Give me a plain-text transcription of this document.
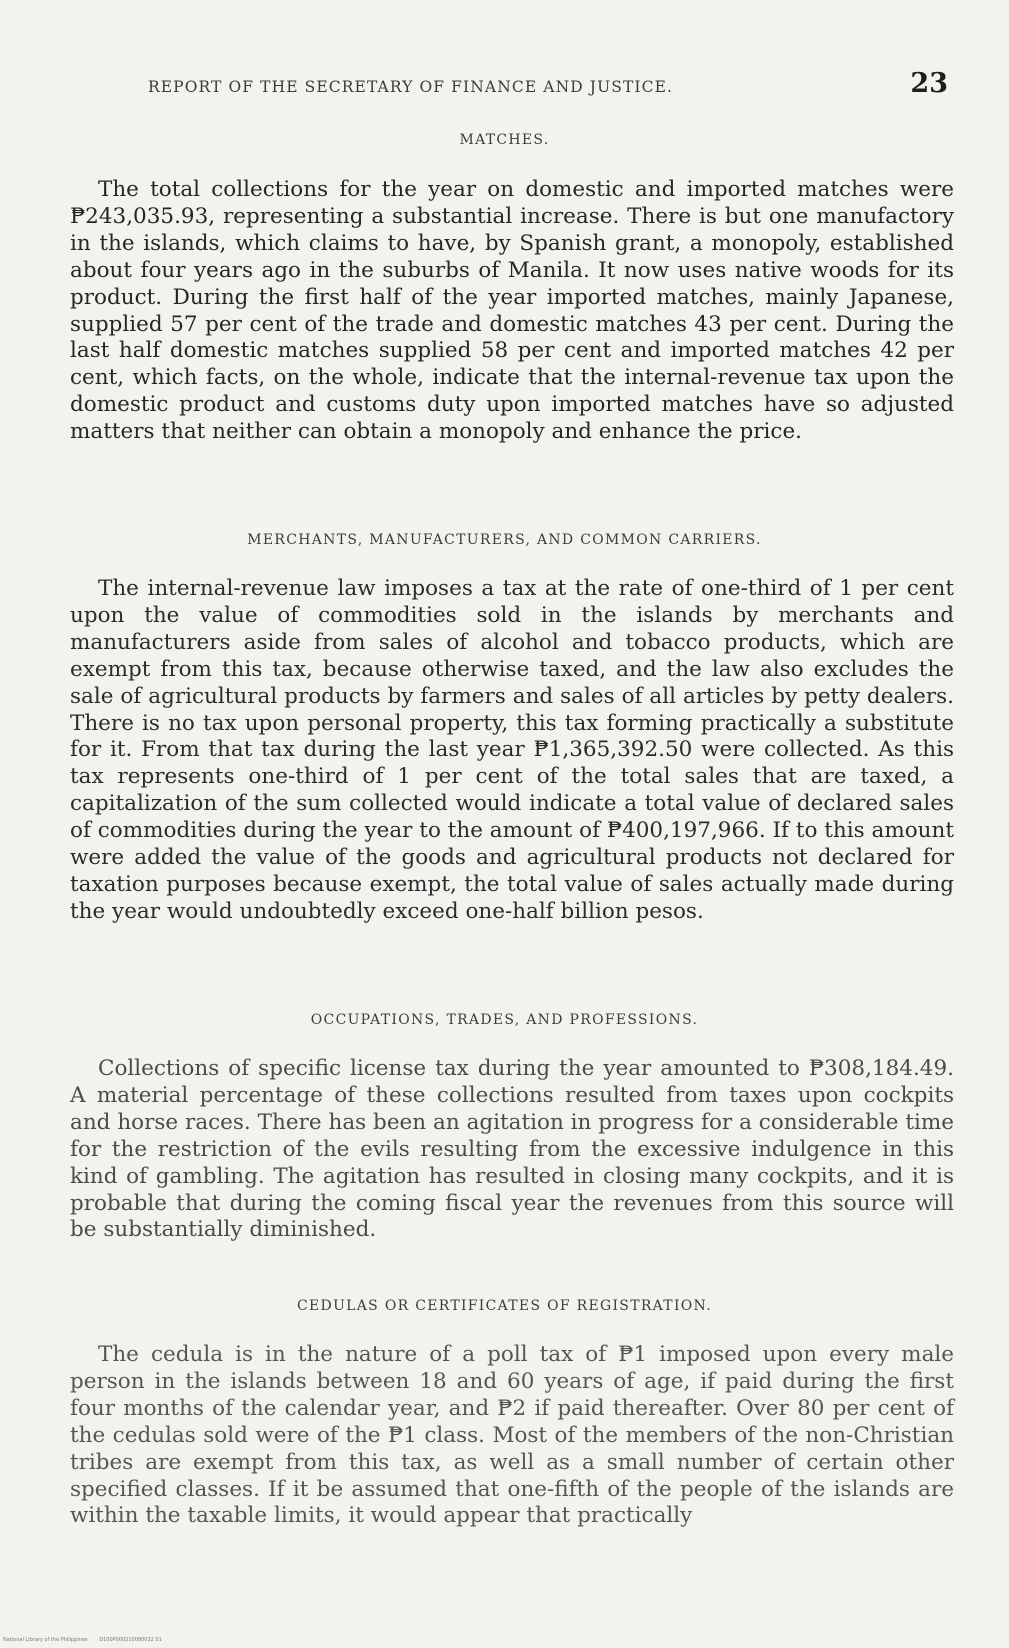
REPORT OF THE SECRETARY OF FINANCE AND JUSTICE.	23
MATCHES.

The total collections for the year on domestic and imported matches were ₱243,035.93, representing a substantial increase. There is but one manufactory in the islands, which claims to have, by Spanish grant, a monopoly, established about four years ago in the suburbs of Manila. It now uses native woods for its product. During the first half of the year imported matches, mainly Japanese, supplied 57 per cent of the trade and domestic matches 43 per cent. During the last half domestic matches supplied 58 per cent and imported matches 42 per cent, which facts, on the whole, indicate that the internal-revenue tax upon the domestic product and customs duty upon imported matches have so adjusted matters that neither can obtain a monopoly and enhance the price.

MERCHANTS, MANUFACTURERS, AND COMMON CARRIERS.

The internal-revenue law imposes a tax at the rate of one-third of 1 per cent upon the value of commodities sold in the islands by merchants and manufacturers aside from sales of alcohol and tobacco products, which are exempt from this tax, because otherwise taxed, and the law also excludes the sale of agricultural products by farmers and sales of all articles by petty dealers. There is no tax upon personal property, this tax forming practically a substitute for it. From that tax during the last year ₱1,365,392.50 were collected. As this tax represents one-third of 1 per cent of the total sales that are taxed, a capitalization of the sum collected would indicate a total value of declared sales of commodities during the year to the amount of ₱400,197,966. If to this amount were added the value of the goods and agricultural products not declared for taxation purposes because exempt, the total value of sales actually made during the year would undoubtedly exceed one-half billion pesos.

OCCUPATIONS, TRADES, AND PROFESSIONS.

Collections of specific license tax during the year amounted to ₱308,184.49. A material percentage of these collections resulted from taxes upon cockpits and horse races. There has been an agitation in progress for a considerable time for the restriction of the evils resulting from the excessive indulgence in this kind of gambling. The agitation has resulted in closing many cockpits, and it is probable that during the coming fiscal year the revenues from this source will be substantially diminished.

CEDULAS OR CERTIFICATES OF REGISTRATION.

The cedula is in the nature of a poll tax of ₱1 imposed upon every male person in the islands between 18 and 60 years of age, if paid during the first four months of the calendar year, and ₱2 if paid thereafter. Over 80 per cent of the cedulas sold were of the ₱1 class. Most of the members of the non-Christian tribes are exempt from this tax, as well as a small number of certain other specified classes. If it be assumed that one-fifth of the people of the islands are within the taxable limits, it would appear that practically

National Library of the Philippines D100P000210080032 01
